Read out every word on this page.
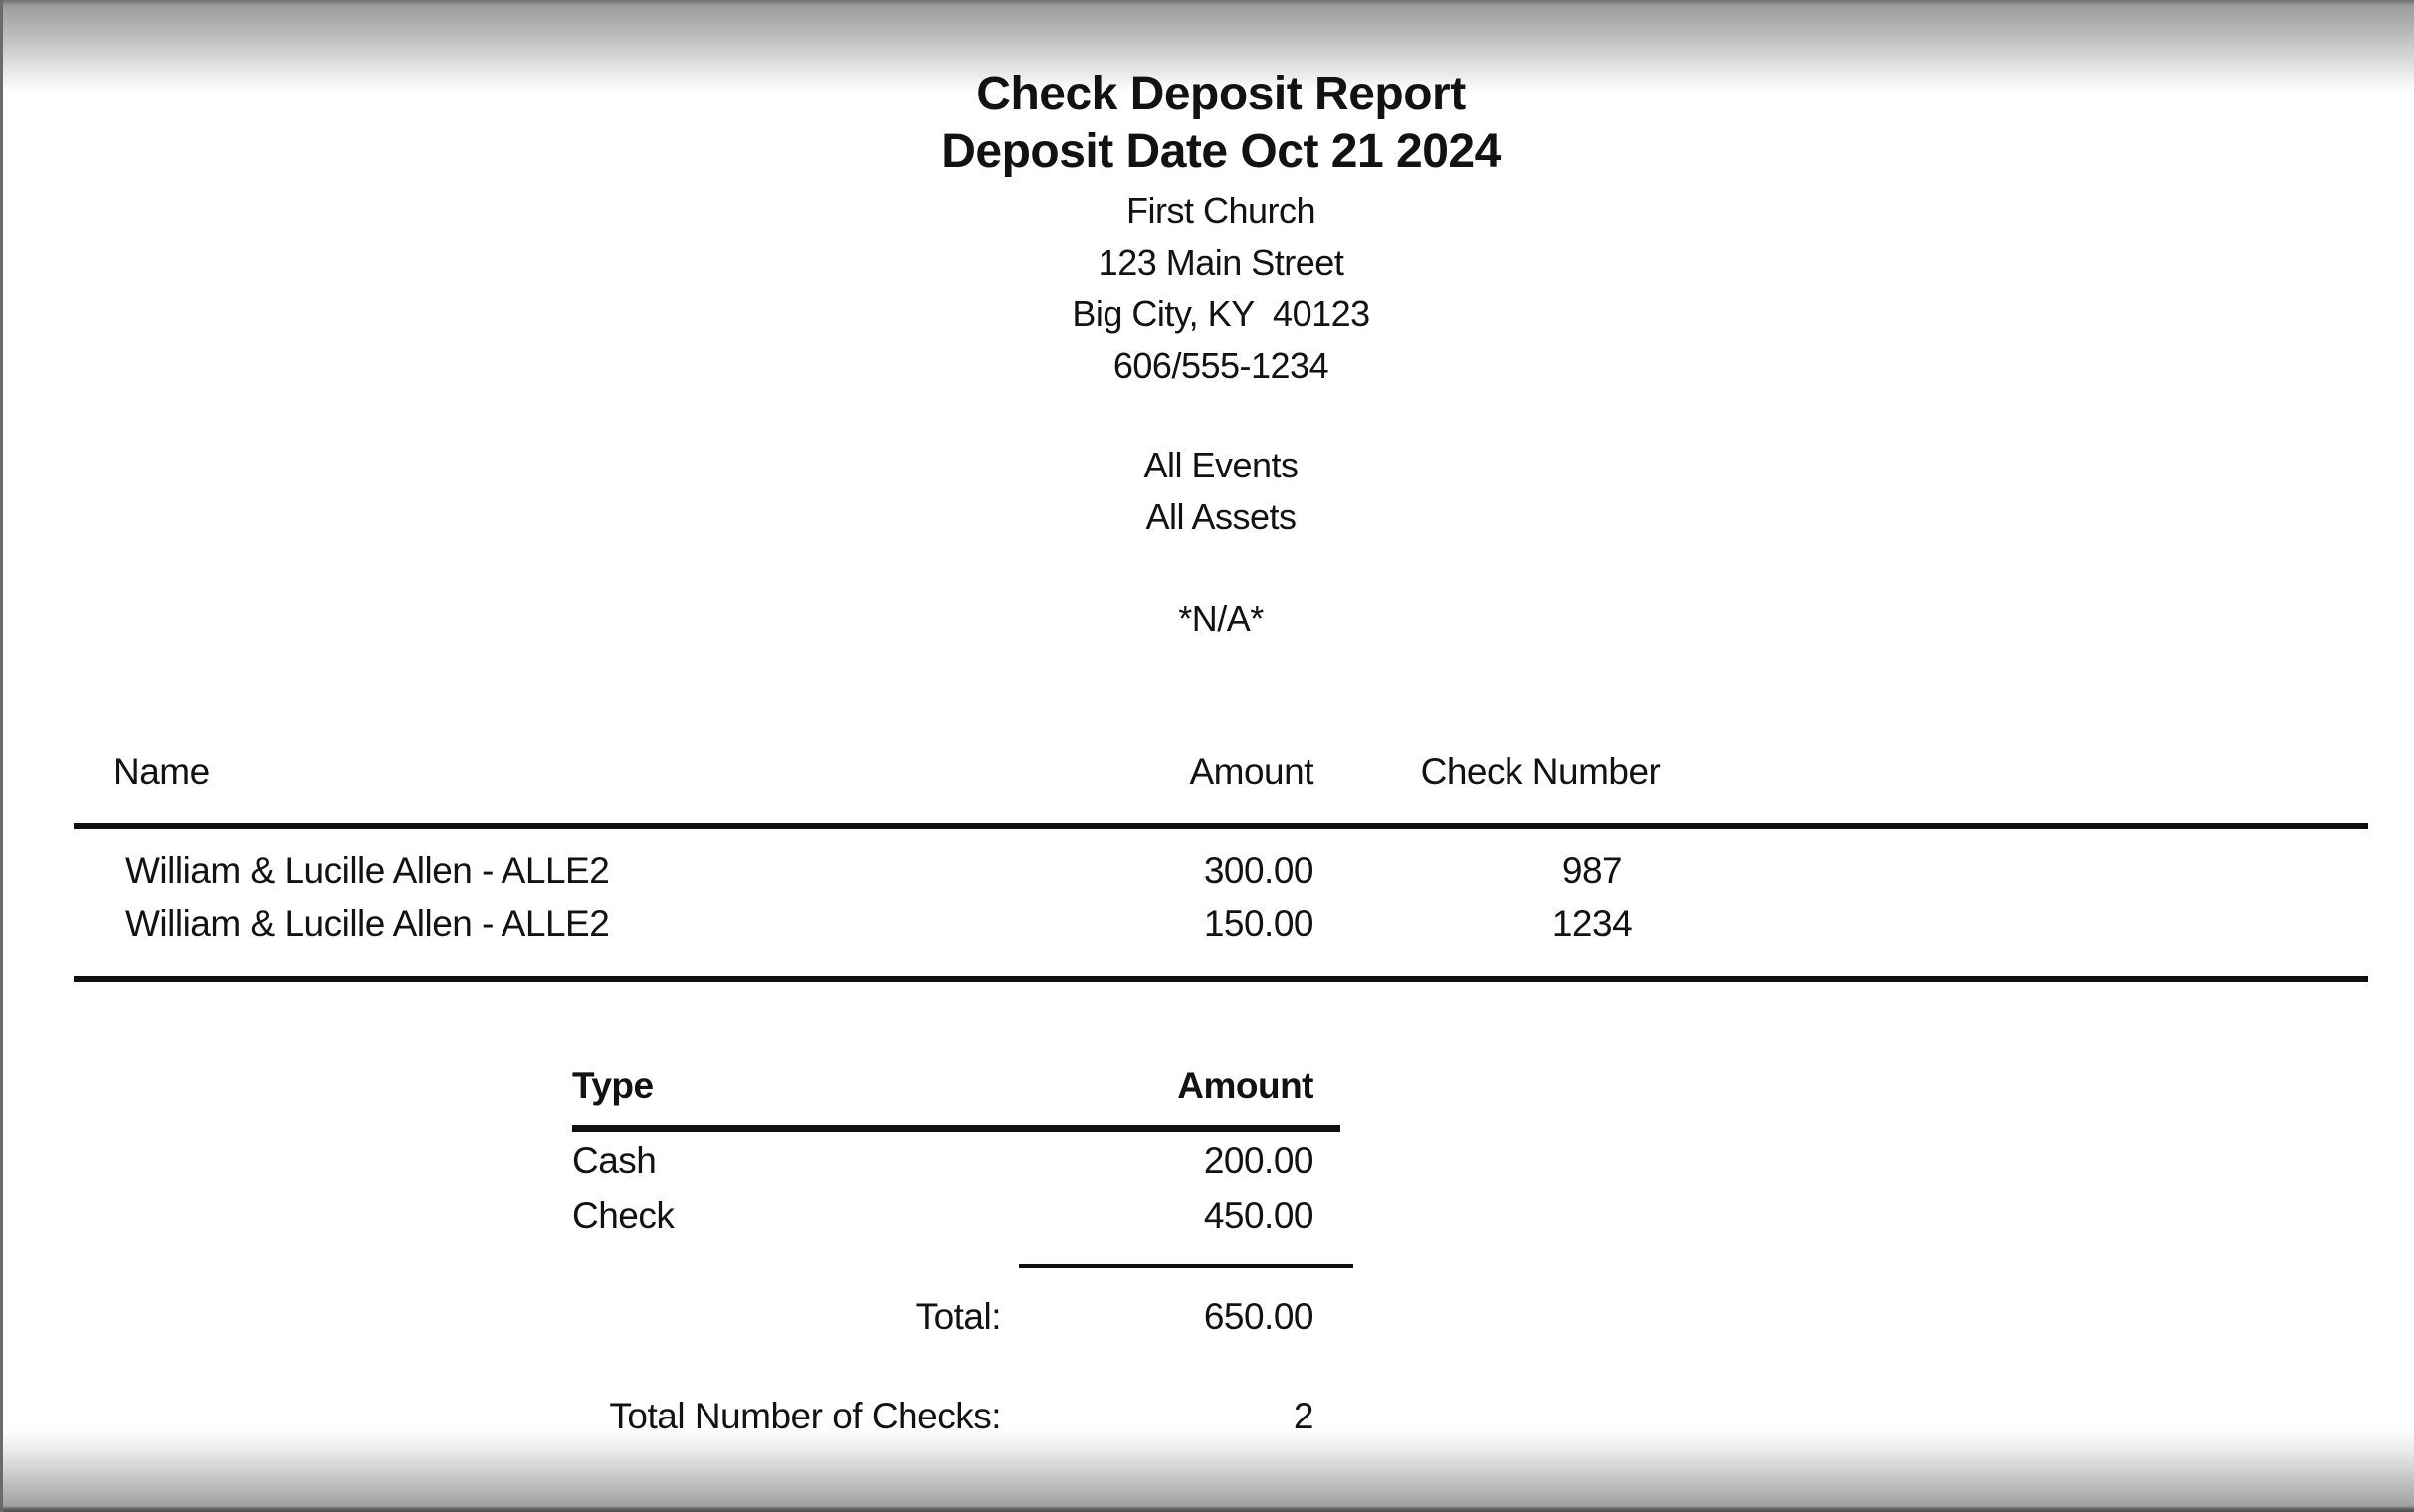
Check Deposit Report
Deposit Date Oct 21 2024
First Church
123 Main Street
Big City, KY  40123
606/555-1234
All Events
All Assets
*N/A*
Name	Amount	Check Number
William & Lucille Allen - ALLE2	300.00	987
William & Lucille Allen - ALLE2	150.00	1234
Type	Amount
Cash	200.00
Check	450.00
Total:	650.00
Total Number of Checks:	2
